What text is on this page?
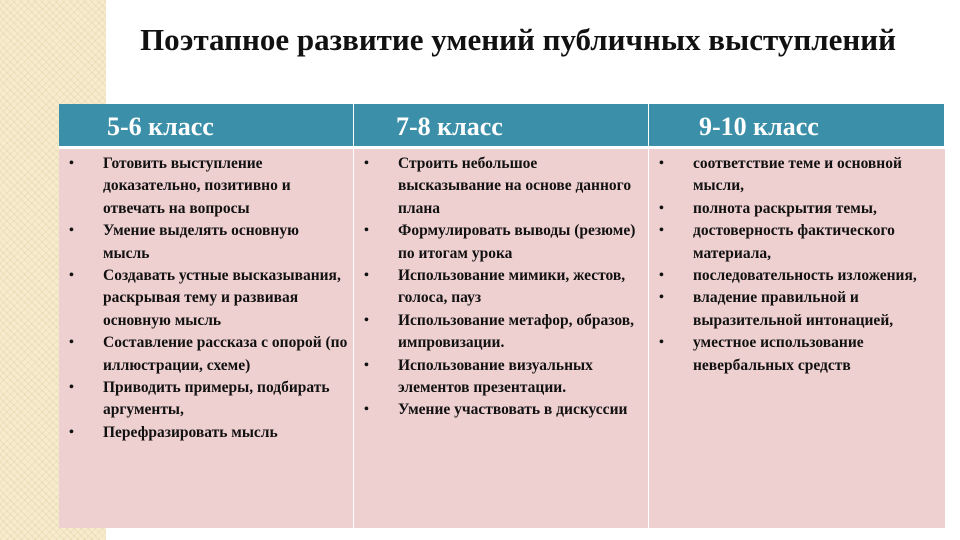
Поэтапное развитие умений публичных выступлений
5-6 класс	7-8 класс	9-10 класс
• Готовить выступление доказательно, позитивно и отвечать на вопросы
• Умение выделять основную мысль
• Создавать устные высказывания, раскрывая тему и развивая основную мысль
• Составление рассказа с опорой (по иллюстрации, схеме)
• Приводить примеры, подбирать аргументы,
• Перефразировать мысль
• Строить небольшое высказывание на основе данного плана
• Формулировать выводы (резюме) по итогам урока
• Использование мимики, жестов, голоса, пауз
• Использование метафор, образов, импровизации.
• Использование визуальных элементов презентации.
• Умение участвовать в дискуссии
• соответствие теме и основной мысли,
• полнота раскрытия темы,
• достоверность фактического материала,
• последовательность изложения,
• владение правильной и выразительной интонацией,
• уместное использование невербальных средств
